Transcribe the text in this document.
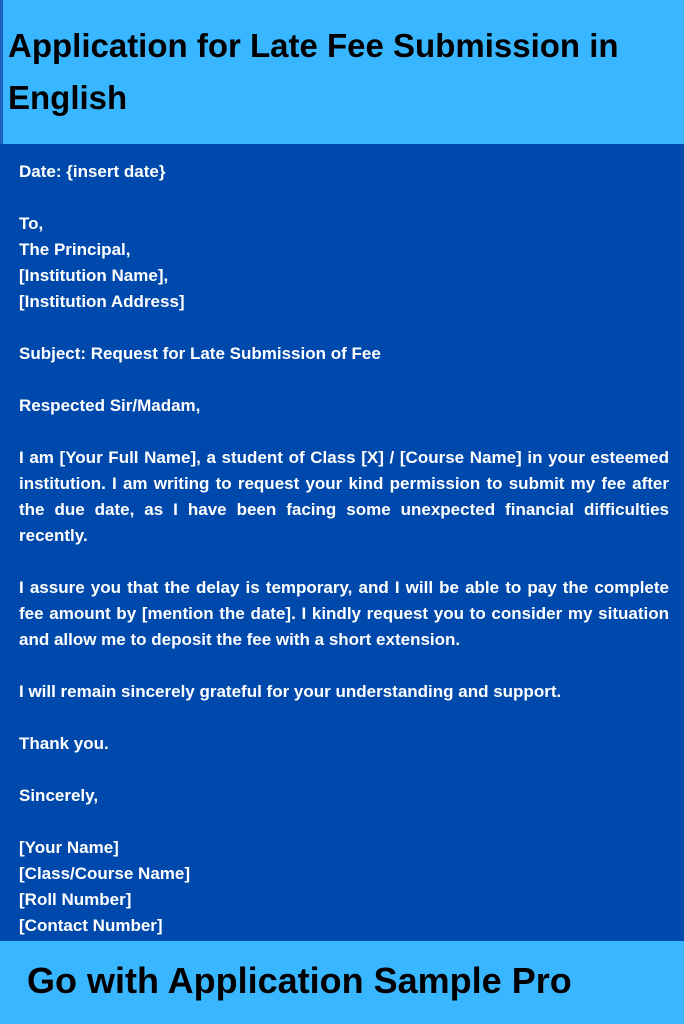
Application for Late Fee Submission in English
Date: {insert date}
To,
The Principal,
[Institution Name],
[Institution Address]
Subject: Request for Late Submission of Fee
Respected Sir/Madam,

I am [Your Full Name], a student of Class [X] / [Course Name] in your esteemed institution. I am writing to request your kind permission to submit my fee after the due date, as I have been facing some unexpected financial difficulties recently.

I assure you that the delay is temporary, and I will be able to pay the complete fee amount by [mention the date]. I kindly request you to consider my situation and allow me to deposit the fee with a short extension.

I will remain sincerely grateful for your understanding and support.
Thank you.
Sincerely,
[Your Name]
[Class/Course Name]
[Roll Number]
[Contact Number]

Go with Application Sample Pro
